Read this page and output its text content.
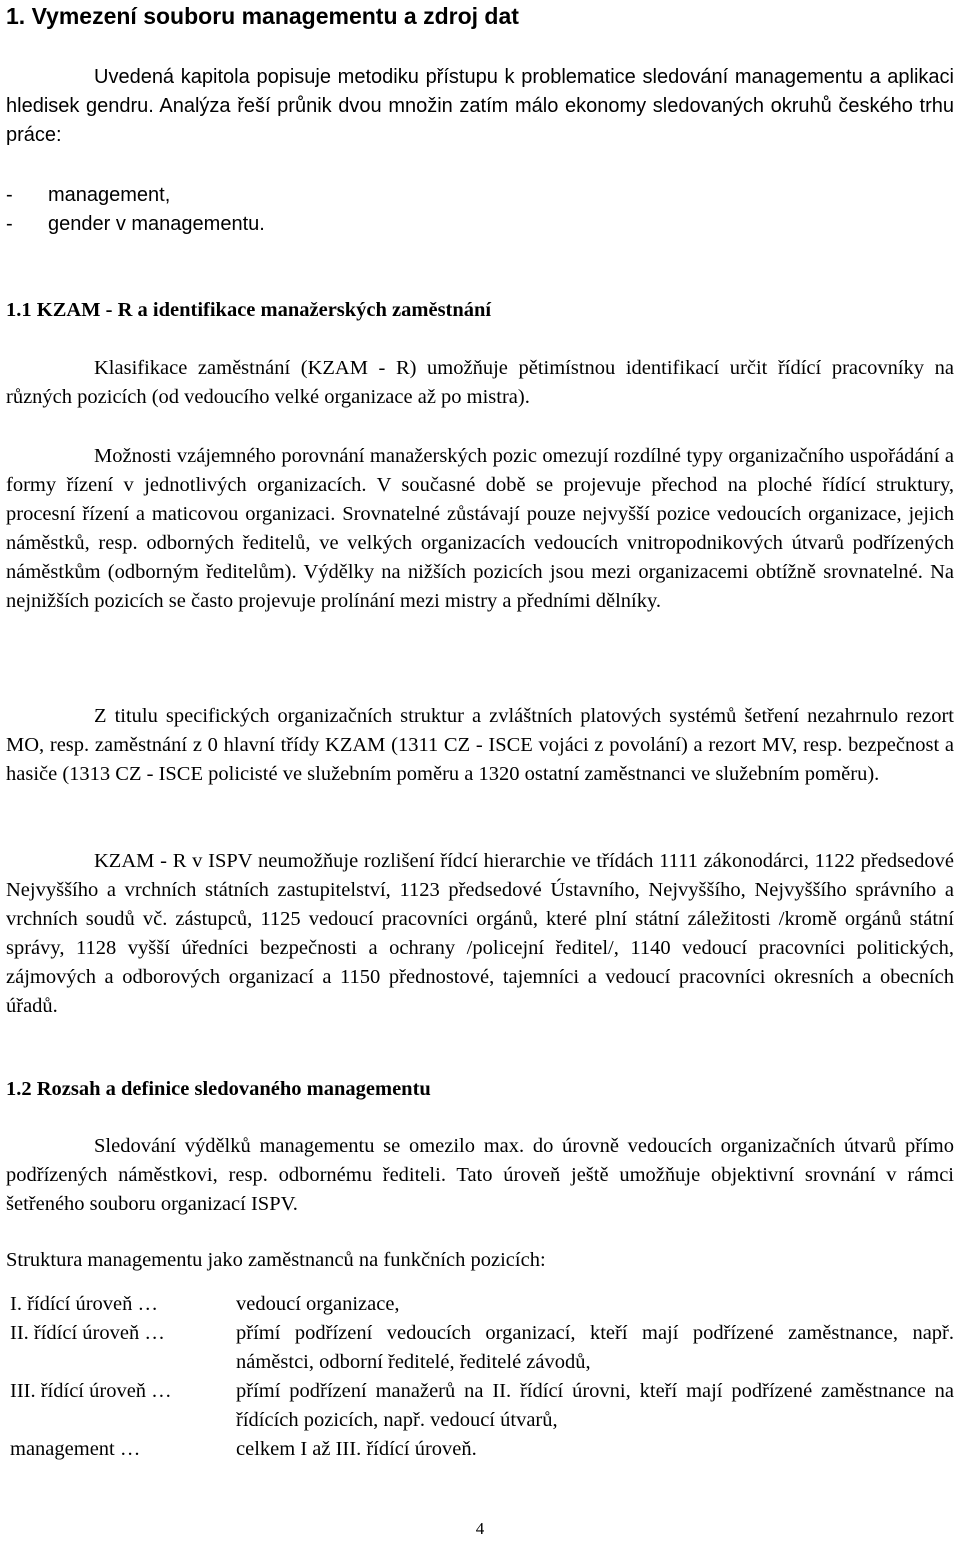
1. Vymezení souboru managementu a zdroj dat

Uvedená kapitola popisuje metodiku přístupu k problematice sledování managementu a aplikaci hledisek gendru. Analýza řeší průnik dvou množin zatím málo ekonomy sledovaných okruhů českého trhu práce:

- management,
- gender v managementu.
1.1 KZAM - R a identifikace manažerských zaměstnání

Klasifikace zaměstnání (KZAM - R) umožňuje pětimístnou identifikací určit řídící pracovníky na různých pozicích (od vedoucího velké organizace až po mistra).

Možnosti vzájemného porovnání manažerských pozic omezují rozdílné typy organizačního uspořádání a formy řízení v jednotlivých organizacích. V současné době se projevuje přechod na ploché řídící struktury, procesní řízení a maticovou organizaci. Srovnatelné zůstávají pouze nejvyšší pozice vedoucích organizace, jejich náměstků, resp. odborných ředitelů, ve velkých organizacích vedoucích vnitropodnikových útvarů podřízených náměstkům (odborným ředitelům). Výdělky na nižších pozicích jsou mezi organizacemi obtížně srovnatelné. Na nejnižších pozicích se často projevuje prolínání mezi mistry a předními dělníky.

Z titulu specifických organizačních struktur a zvláštních platových systémů šetření nezahrnulo rezort MO, resp. zaměstnání z 0 hlavní třídy KZAM (1311 CZ - ISCE vojáci z povolání) a rezort MV, resp. bezpečnost a hasiče (1313 CZ - ISCE policisté ve služebním poměru a 1320 ostatní zaměstnanci ve služebním poměru).

KZAM - R v ISPV neumožňuje rozlišení řídcí hierarchie ve třídách 1111 zákonodárci, 1122 předsedové Nejvyššího a vrchních státních zastupitelství, 1123 předsedové Ústavního, Nejvyššího, Nejvyššího správního a vrchních soudů vč. zástupců, 1125 vedoucí pracovníci orgánů, které plní státní záležitosti /kromě orgánů státní správy, 1128 vyšší úředníci bezpečnosti a ochrany /policejní ředitel/, 1140 vedoucí pracovníci politických, zájmových a odborových organizací a 1150 přednostové, tajemníci a vedoucí pracovníci okresních a obecních úřadů.

1.2 Rozsah a definice sledovaného managementu

Sledování výdělků managementu se omezilo max. do úrovně vedoucích organizačních útvarů přímo podřízených náměstkovi, resp. odbornému řediteli. Tato úroveň ještě umožňuje objektivní srovnání v rámci šetřeného souboru organizací ISPV.

Struktura managementu jako zaměstnanců na funkčních pozicích:
I. řídící úroveň …	vedoucí organizace,
II. řídící úroveň …	přímí podřízení vedoucích organizací, kteří mají podřízené zaměstnance, např. náměstci, odborní ředitelé, ředitelé závodů,
III. řídící úroveň …	přímí podřízení manažerů na II. řídící úrovni, kteří mají podřízené zaměstnance na řídících pozicích, např. vedoucí útvarů,
management …	celkem I až III. řídící úroveň.
4
